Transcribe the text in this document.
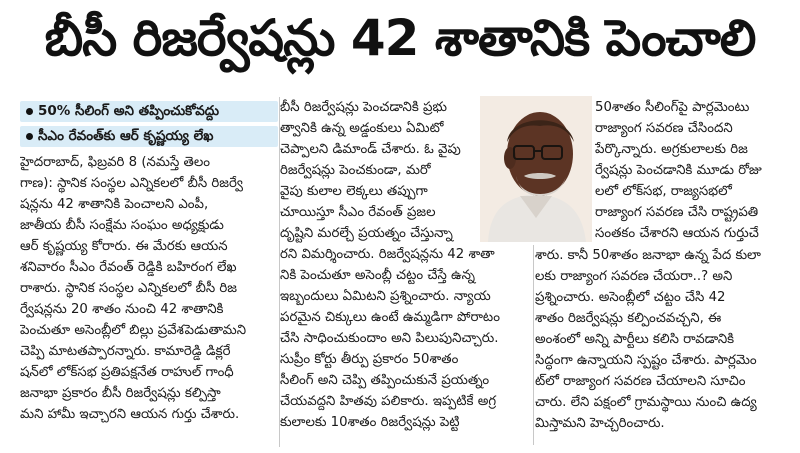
బీసీ రిజర్వేషన్లు 42 శాతానికి పెంచాలి
50% సీలింగ్‌ అని తప్పించుకోవద్దు
సీఎం రేవంత్‌కు ఆర్‌ కృష్ణయ్య లేఖ
హైదరాబాద్‌, ఫిబ్రవరి 8 (నమస్తే తెలం
గాణ): స్థానిక సంస్థల ఎన్నికలలో బీసీ రిజర్వే
షన్లను 42 శాతానికి పెంచాలని ఎంపీ,
జాతీయ బీసీ సంక్షేమ సంఘం అధ్యక్షుడు
ఆర్‌ కృష్ణయ్య కోరారు. ఈ మేరకు ఆయన
శనివారం సీఎం రేవంత్‌ రెడ్డికి బహిరంగ లేఖ
రాశారు. స్థానిక సంస్థల ఎన్నికలలో బీసీ రిజ
ర్వేషన్లను 20 శాతం నుంచి 42 శాతానికి
పెంచుతూ అసెంబ్లీలో బిల్లు ప్రవేశపెడుతామని
చెప్పి మాటతప్పారన్నారు. కామారెడ్డి డిక్లరే
షన్‌లో లోక్‌సభ ప్రతిపక్షనేత రాహుల్‌ గాంధీ
జనాభా ప్రకారం బీసీ రిజర్వేషన్లు కల్పిస్తా
మని హామీ ఇచ్చారని ఆయన గుర్తు చేశారు.
బీసీ రిజర్వేషన్లు పెంచడానికి ప్రభు
త్వానికి ఉన్న అడ్డంకులు ఏమిటో
చెప్పాలని డిమాండ్‌ చేశారు. ఓ వైపు
రిజర్వేషన్లు పెంచకుండా, మరో
వైపు కులాల లెక్కలు తప్పుగా
చూయిస్తూ సీఎం రేవంత్‌ ప్రజల
దృష్టిని మరల్చే ప్రయత్నం చేస్తున్నా
రని విమర్శించారు. రిజర్వేషన్లను 42 శాతా
నికి పెంచుతూ అసెంబ్లీ చట్టం చేస్తే ఉన్న
ఇబ్బందులు ఏమిటని ప్రశ్నించారు. న్యాయ
పరమైన చిక్కులు ఉంటే ఉమ్మడిగా పోరాటం
చేసి సాధించుకుందాం అని పిలుపునిచ్చారు.
సుప్రీం కోర్టు తీర్పు ప్రకారం 50శాతం
సీలింగ్‌ అని చెప్పి తప్పించుకునే ప్రయత్నం
చేయవద్దని హితవు పలికారు. ఇప్పటికే అగ్ర
కులాలకు 10శాతం రిజర్వేషన్లు పెట్టి
50శాతం సీలింగ్‌పై పార్లమెంటు
రాజ్యాంగ సవరణ చేసిందని
పేర్కొన్నారు. అగ్రకులాలకు రిజ
ర్వేషన్లు పెంచడానికి మూడు రోజు
లలో లోక్‌సభ, రాజ్యసభలో
రాజ్యాంగ సవరణ చేసి రాష్ట్రపతి
సంతకం చేశారని ఆయన గుర్తుచే
శారు. కానీ 50శాతం జనాభా ఉన్న పేద కులా
లకు రాజ్యాంగ సవరణ చేయరా..? అని
ప్రశ్నించారు. అసెంబ్లీలో చట్టం చేసి 42
శాతం రిజర్వేషన్లు కల్పించవచ్చని, ఈ
అంశంలో అన్ని పార్టీలు కలిసి రావడానికి
సిద్ధంగా ఉన్నాయని స్పష్టం చేశారు. పార్లమెం
ట్‌లో రాజ్యాంగ సవరణ చేయాలని సూచిం
చారు. లేని పక్షంలో గ్రామస్థాయి నుంచి ఉద్య
మిస్తామని హెచ్చరించారు.
